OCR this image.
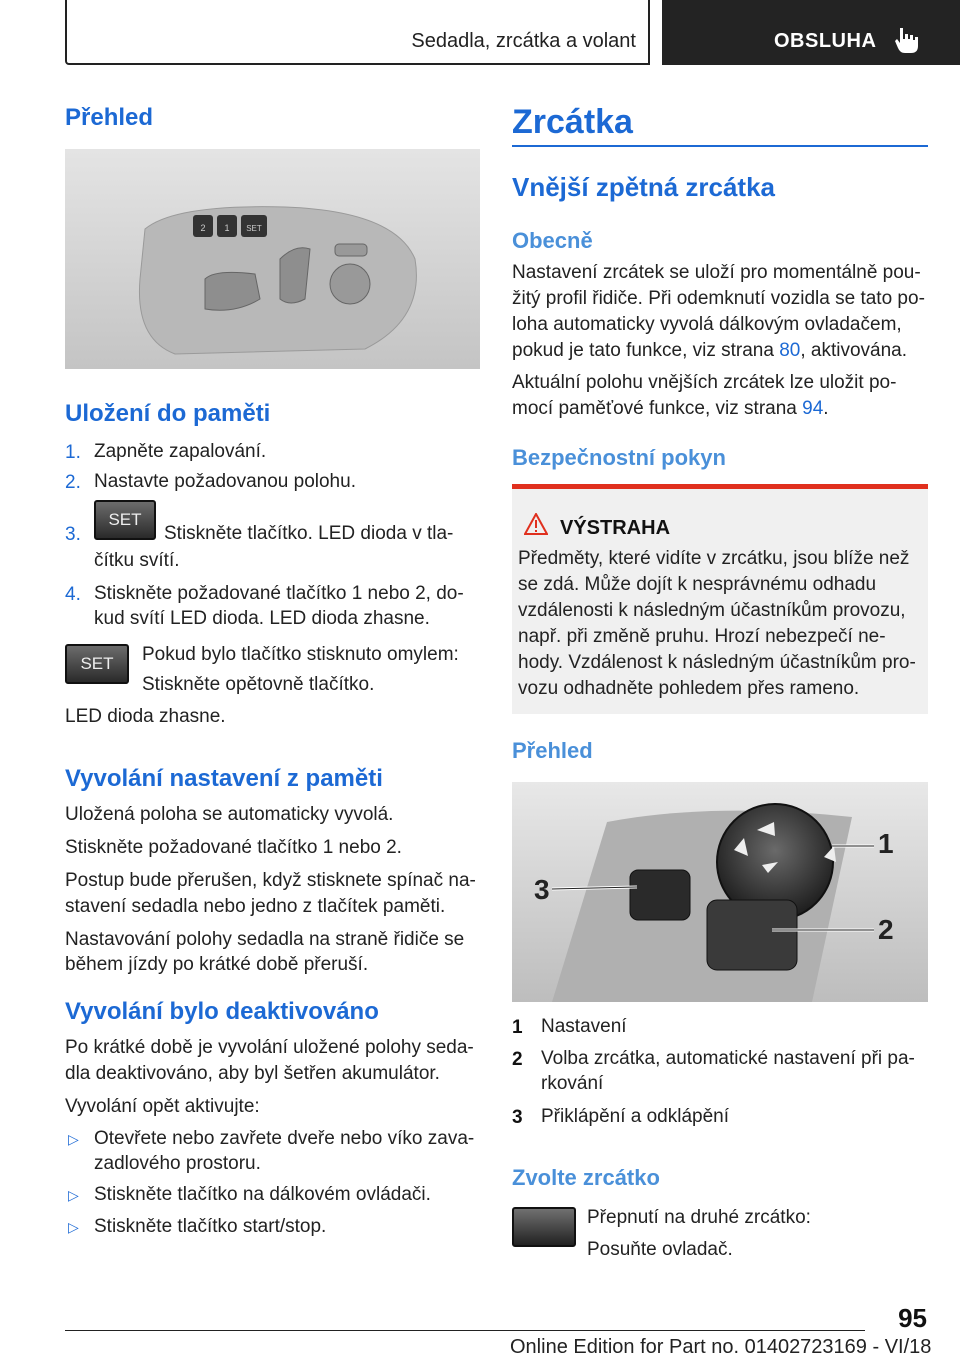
Sedadla, zrcátka a volant	OBSLUHA
Přehled
2 1 SET
Uložení do paměti
1. Zapněte zapalování.
2. Nastavte požadovanou polohu.
3.
SET
Stiskněte tlačítko. LED dioda v tla-
čítku svítí.
4. Stiskněte požadované tlačítko 1 nebo 2, do-
kud svítí LED dioda. LED dioda zhasne.
SET	Pokud bylo tlačítko stisknuto omylem:
Stiskněte opětovně tlačítko.
LED dioda zhasne.
Vyvolání nastavení z paměti
Uložená poloha se automaticky vyvolá.
Stiskněte požadované tlačítko 1 nebo 2.
Postup bude přerušen, když stisknete spínač na-
stavení sedadla nebo jedno z tlačítek paměti.
Nastavování polohy sedadla na straně řidiče se
během jízdy po krátké době přeruší.
Vyvolání bylo deaktivováno
Po krátké době je vyvolání uložené polohy seda-
dla deaktivováno, aby byl šetřen akumulátor.
Vyvolání opět aktivujte:
▷ Otevřete nebo zavřete dveře nebo víko zava-
zadlového prostoru.
▷ Stiskněte tlačítko na dálkovém ovládači.
▷ Stiskněte tlačítko start/stop.
Zrcátka
Vnější zpětná zrcátka
Obecně
Nastavení zrcátek se uloží pro momentálně pou-
žitý profil řidiče. Při odemknutí vozidla se tato po-
loha automaticky vyvolá dálkovým ovladačem,
pokud je tato funkce, viz strana 80, aktivována.
Aktuální polohu vnějších zrcátek lze uložit po-
mocí paměťové funkce, viz strana 94.
Bezpečnostní pokyn
VÝSTRAHA
Předměty, které vidíte v zrcátku, jsou blíže než
se zdá. Může dojít k nesprávnému odhadu
vzdálenosti k následným účastníkům provozu,
např. při změně pruhu. Hrozí nebezpečí ne-
hody. Vzdálenost k následným účastníkům pro-
vozu odhadněte pohledem přes rameno.
Přehled
1
2
3
1 Nastavení
2 Volba zrcátka, automatické nastavení při pa-
rkování
3 Přiklápění a odklápění
Zvolte zrcátko
Přepnutí na druhé zrcátko:
Posuňte ovladač.
95
Online Edition for Part no. 01402723169 - VI/18
